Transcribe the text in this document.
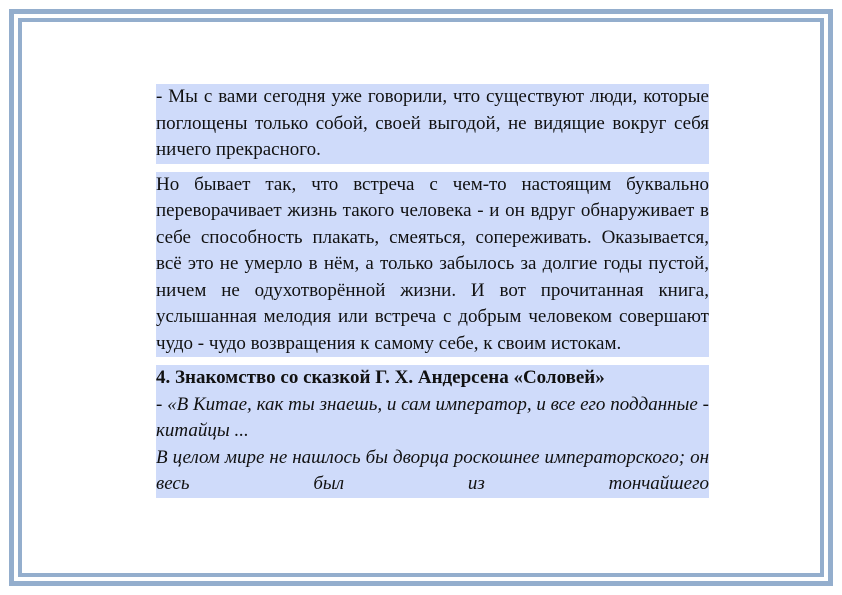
- Мы с вами сегодня уже говорили, что существуют люди, которые поглощены только собой, своей выгодой, не видящие вокруг себя ничего прекрасного.

Но бывает так, что встреча с чем-то настоящим буквально переворачивает жизнь такого человека - и он вдруг обнаруживает в себе способность плакать, смеяться, сопереживать. Оказывается, всё это не умерло в нём, а только забылось за долгие годы пустой, ничем не одухотворённой жизни. И вот прочитанная книга, услышанная мелодия или встреча с добрым человеком совершают чудо - чудо возвращения к самому себе, к своим истокам.

4. Знакомство со сказкой Г. Х. Андерсена «Соловей»

- «В Китае, как ты знаешь, и сам император, и все его подданные - китайцы ...

В целом мире не нашлось бы дворца роскошнее императорского; он весь был из тончайшего
